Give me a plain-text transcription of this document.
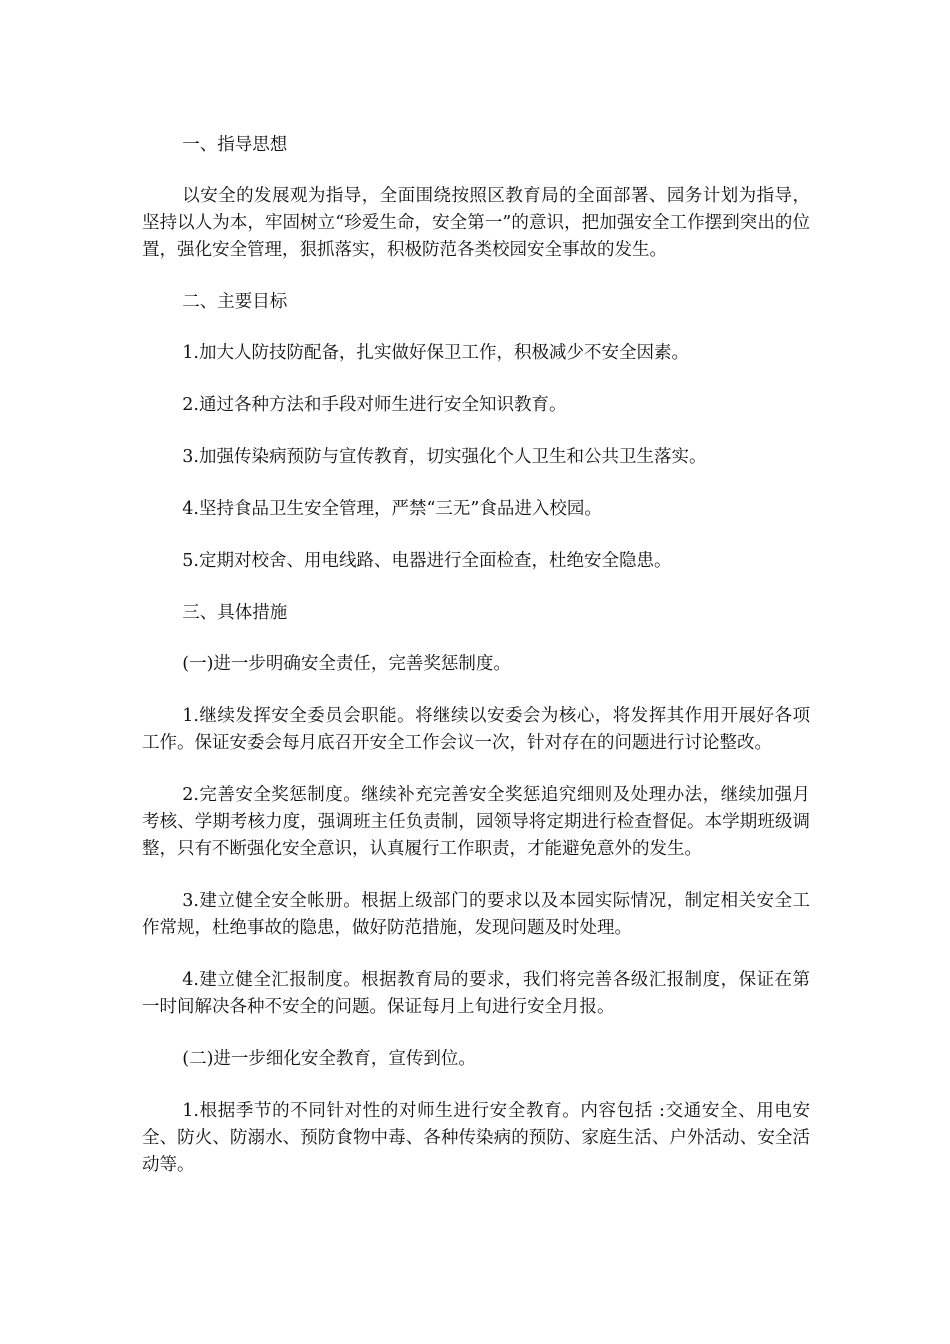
一、指导思想

以安全的发展观为指导，全面围绕按照区教育局的全面部署、园务计划为指导，坚持以人为本，牢固树立“珍爱生命，安全第一”的意识，把加强安全工作摆到突出的位置，强化安全管理，狠抓落实，积极防范各类校园安全事故的发生。

二、主要目标

1.加大人防技防配备，扎实做好保卫工作，积极减少不安全因素。

2.通过各种方法和手段对师生进行安全知识教育。

3.加强传染病预防与宣传教育，切实强化个人卫生和公共卫生落实。

4.坚持食品卫生安全管理，严禁“三无”食品进入校园。

5.定期对校舍、用电线路、电器进行全面检查，杜绝安全隐患。

三、具体措施

(一)进一步明确安全责任，完善奖惩制度。

1.继续发挥安全委员会职能。将继续以安委会为核心，将发挥其作用开展好各项工作。保证安委会每月底召开安全工作会议一次，针对存在的问题进行讨论整改。

2.完善安全奖惩制度。继续补充完善安全奖惩追究细则及处理办法，继续加强月考核、学期考核力度，强调班主任负责制，园领导将定期进行检查督促。本学期班级调整，只有不断强化安全意识，认真履行工作职责，才能避免意外的发生。

3.建立健全安全帐册。根据上级部门的要求以及本园实际情况，制定相关安全工作常规，杜绝事故的隐患，做好防范措施，发现问题及时处理。

4.建立健全汇报制度。根据教育局的要求，我们将完善各级汇报制度，保证在第一时间解决各种不安全的问题。保证每月上旬进行安全月报。

(二)进一步细化安全教育，宣传到位。

1.根据季节的不同针对性的对师生进行安全教育。内容包括 :交通安全、用电安全、防火、防溺水、预防食物中毒、各种传染病的预防、家庭生活、户外活动、安全活动等。
